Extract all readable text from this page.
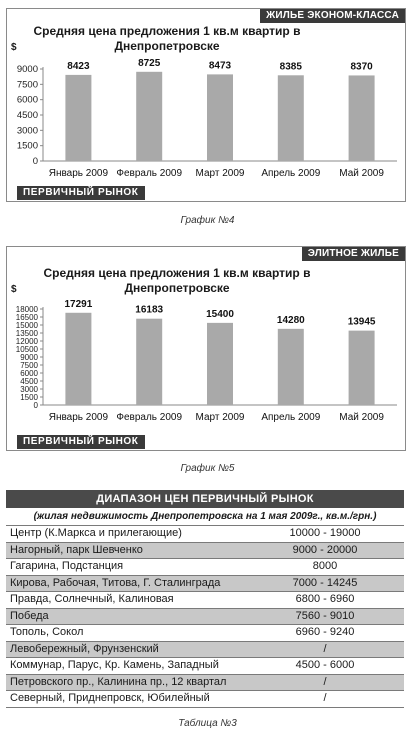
ЖИЛЬЕ ЭКОНОМ-КЛАССА
Средняя цена предложения 1 кв.м квартир в Днепропетровске
$
0
1500
3000
4500
6000
7500
9000	8423
Январь 2009
8725
Февраль 2009
8473
Март 2009
8385
Апрель 2009
8370
Май 2009
ПЕРВИЧНЫЙ РЫНОК
График №4
ЭЛИТНОЕ ЖИЛЬЕ
Средняя цена предложения 1 кв.м квартир в Днепропетровске
$
0
1500
3000
4500
6000
7500
9000
10500
12000
13500
15000
16500
18000	17291
Январь 2009
16183
Февраль 2009
15400
Март 2009
14280
Апрель 2009
13945
Май 2009
ПЕРВИЧНЫЙ РЫНОК
График №5
ДИАПАЗОН ЦЕН ПЕРВИЧНЫЙ РЫНОК	
(жилая недвижимость Днепропетровска на 1 мая 2009г., кв.м./грн.)	
Центр (К.Маркса и прилегающие)	10000 - 19000
Нагорный, парк Шевченко	9000 - 20000
Гагарина, Подстанция	8000
Кирова, Рабочая, Титова, Г. Сталинграда	7000 - 14245
Правда, Солнечный, Калиновая	6800 - 6960
Победа	7560 - 9010
Тополь, Сокол	6960 - 9240
Левобережный, Фрунзенский	/
Коммунар, Парус, Кр. Камень, Западный	4500 - 6000
Петровского пр., Калинина пр., 12 квартал	/
Северный, Приднепровск, Юбилейный	/
Таблица №3
